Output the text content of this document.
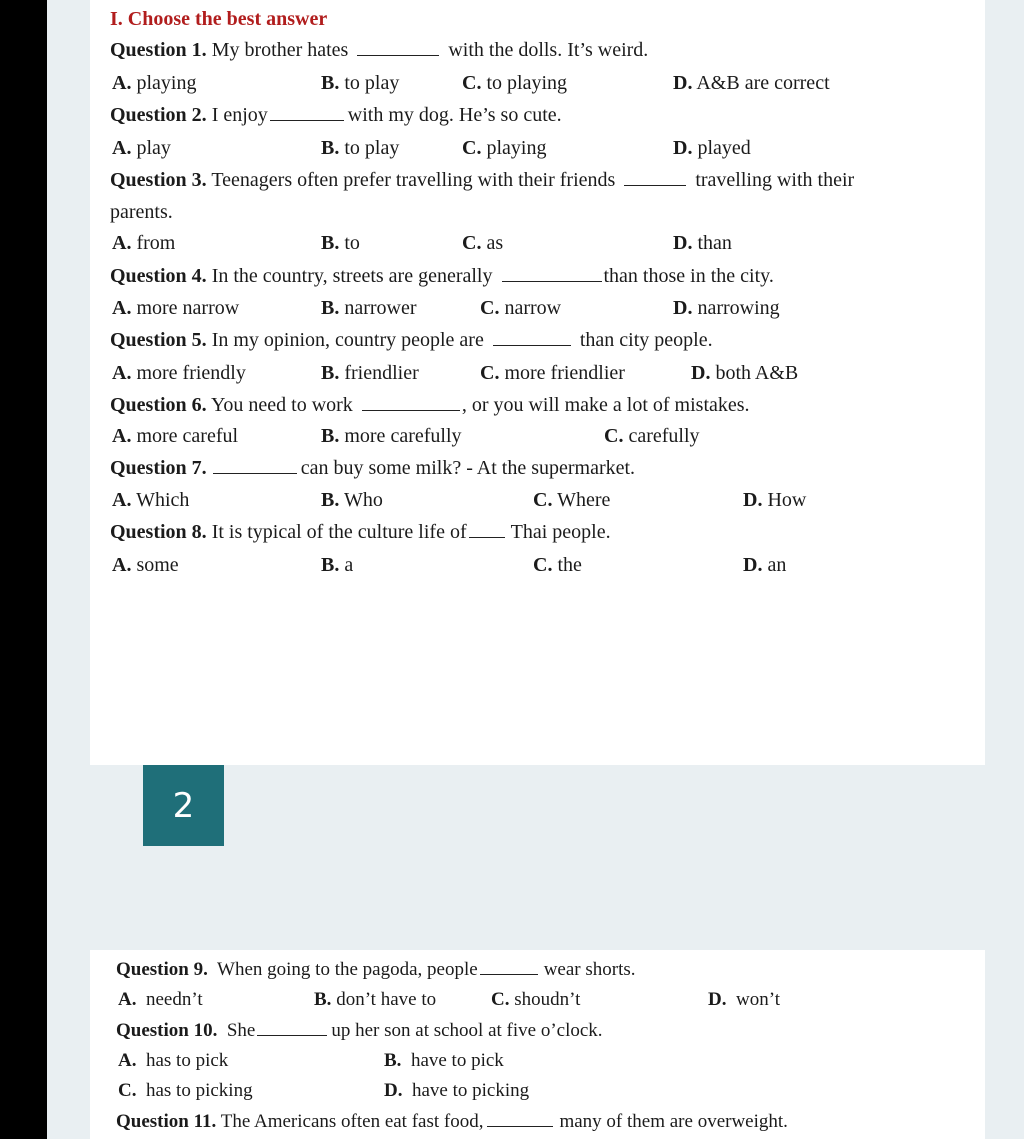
2
I. Choose the best answer
Question 1. My brother hates	with the dolls. It’s weird.
A. playing	B. to play	C. to playing	D. A&B are correct
Question 2. I enjoy	with my dog. He’s so cute.
A. play	B. to play	C. playing	D. played
Question 3. Teenagers often prefer travelling with their friends	travelling with their
parents.
A. from	B. to	C. as	D. than
Question 4. In the country, streets are generally	than those in the city.
A. more narrow	B. narrower	C. narrow	D. narrowing
Question 5. In my opinion, country people are	than city people.
A. more friendly	B. friendlier	C. more friendlier	D. both A&B
Question 6. You need to work	, or you will make a lot of mistakes.
A. more careful	B. more carefully	C. carefully
Question 7.	can buy some milk? - At the supermarket.
A. Which	B. Who	C. Where	D. How
Question 8. It is typical of the culture life of Thai people.
A. some	B. a	C. the	D. an
Question 9. When going to the pagoda, people	wear shorts.
A. needn’t	B. don’t have to	C. shoudn’t	D. won’t
Question 10. She	up her son at school at five o’clock.
A. has to pick	B. have to pick
C. has to picking	D. have to picking
Question 11. The Americans often eat fast food,	many of them are overweight.
